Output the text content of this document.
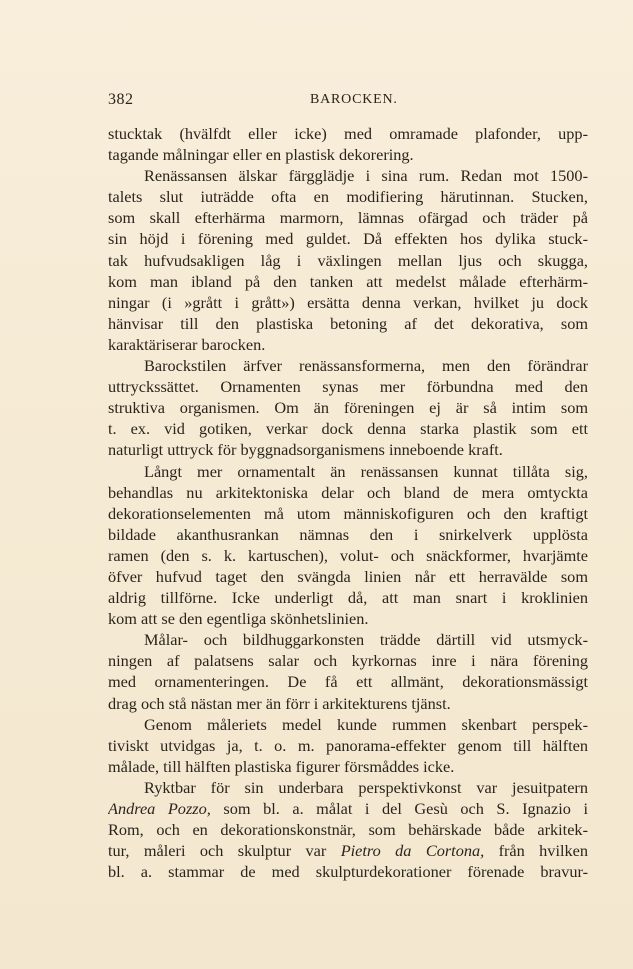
382	BAROCKEN.
stucktak (hvälfdt eller icke) med omramade plafonder, upp-
tagande målningar eller en plastisk dekorering.
Renässansen älskar färgglädje i sina rum. Redan mot 1500-
talets slut iuträdde ofta en modifiering härutinnan. Stucken,
som skall efterhärma marmorn, lämnas ofärgad och träder på
sin höjd i förening med guldet. Då effekten hos dylika stuck-
tak hufvudsakligen låg i växlingen mellan ljus och skugga,
kom man ibland på den tanken att medelst målade efterhärm-
ningar (i »grått i grått») ersätta denna verkan, hvilket ju dock
hänvisar till den plastiska betoning af det dekorativa, som
karaktäriserar barocken.
Barockstilen ärfver renässansformerna, men den förändrar
uttryckssättet. Ornamenten synas mer förbundna med den
struktiva organismen. Om än föreningen ej är så intim som
t. ex. vid gotiken, verkar dock denna starka plastik som ett
naturligt uttryck för byggnadsorganismens inneboende kraft.
Långt mer ornamentalt än renässansen kunnat tillåta sig,
behandlas nu arkitektoniska delar och bland de mera omtyckta
dekorationselementen må utom människofiguren och den kraftigt
bildade akanthusrankan nämnas den i snirkelverk upplösta
ramen (den s. k. kartuschen), volut- och snäckformer, hvarjämte
öfver hufvud taget den svängda linien når ett herravälde som
aldrig tillförne. Icke underligt då, att man snart i kroklinien
kom att se den egentliga skönhetslinien.
Målar- och bildhuggarkonsten trädde därtill vid utsmyck-
ningen af palatsens salar och kyrkornas inre i nära förening
med ornamenteringen. De få ett allmänt, dekorationsmässigt
drag och stå nästan mer än förr i arkitekturens tjänst.
Genom måleriets medel kunde rummen skenbart perspek-
tiviskt utvidgas ja, t. o. m. panorama-effekter genom till hälften
målade, till hälften plastiska figurer försmåddes icke.
Ryktbar för sin underbara perspektivkonst var jesuitpatern
Andrea Pozzo, som bl. a. målat i del Gesù och S. Ignazio i
Rom, och en dekorationskonstnär, som behärskade både arkitek-
tur, måleri och skulptur var Pietro da Cortona, från hvilken
bl. a. stammar de med skulpturdekorationer förenade bravur-
